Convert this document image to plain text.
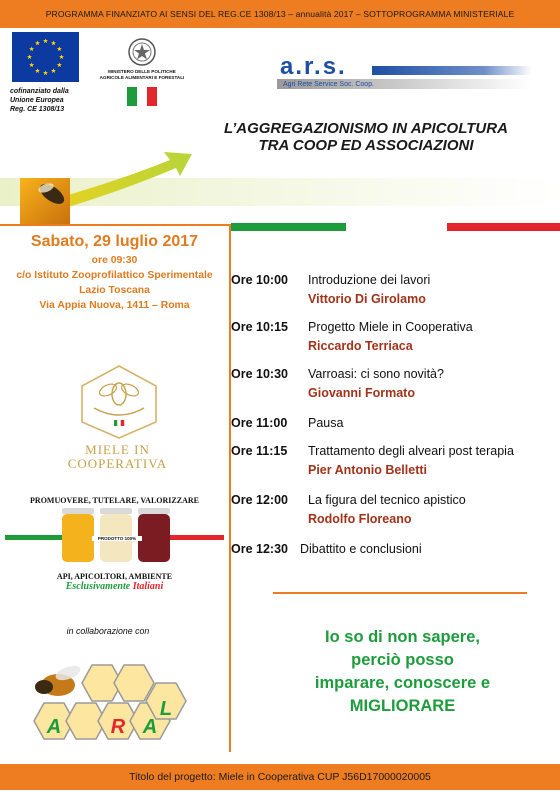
PROGRAMMA FINANZIATO AI SENSI DEL REG.CE 1308/13 – annualità 2017 – SOTTOPROGRAMMA MINISTERIALE
cofinanziato dalla
Unione Europea
Reg. CE 1308/13
MINISTERO DELLE POLITICHE AGRICOLE ALIMENTARI E FORESTALI	a.r.s.
Agri Rete Service Soc. Coop.
L’AGGREGAZIONISMO IN APICOLTURA
TRA COOP ED ASSOCIAZIONI
Sabato, 29 luglio 2017
ore 09:30
c/o Istituto Zooprofilattico Sperimentale
Lazio Toscana
Via Appia Nuova, 1411 – Roma
MIELE IN
COOPERATIVA
PROMUOVERE, TUTELARE, VALORIZZARE
PRODOTTO 100%
API, APICOLTORI, AMBIENTE
Esclusivamente Italiani
in collaborazione con
A R A
L
Ore 10:00 Introduzione dei lavori
Vittorio Di Girolamo
Ore 10:15 Progetto Miele in Cooperativa
Riccardo Terriaca
Ore 10:30 Varroasi: ci sono novità?
Giovanni Formato
Ore 11:00 Pausa
Ore 11:15 Trattamento degli alveari post terapia
Pier Antonio Belletti
Ore 12:00 La figura del tecnico apistico
Rodolfo Floreano
Ore 12:30 Dibattito e conclusioni
Io so di non sapere,
perciò posso
imparare, conoscere e
MIGLIORARE
Titolo del progetto: Miele in Cooperativa CUP J56D17000020005
